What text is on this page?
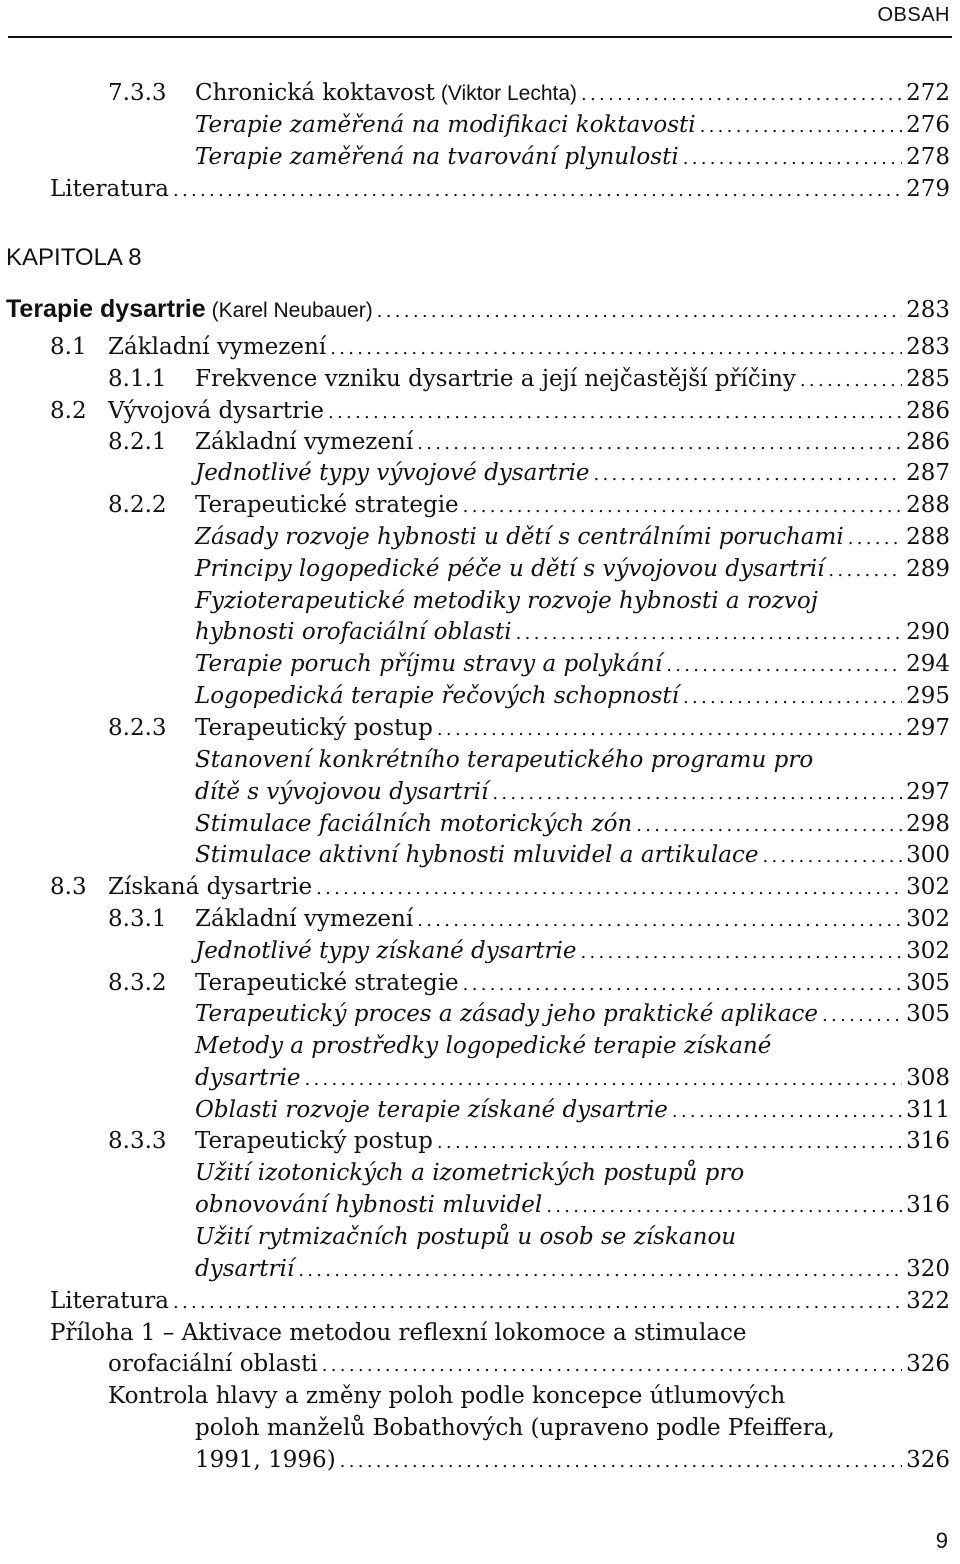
OBSAH
7.3.3 Chronická koktavost (Viktor Lechta) .....	272
Terapie zaměřená na modifikaci koktavosti .....	276
Terapie zaměřená na tvarování plynulosti .....	278
Literatura .....	279
KAPITOLA 8
Terapie dysartrie (Karel Neubauer) .....	283
8.1 Základní vymezení .....	283
8.1.1 Frekvence vzniku dysartrie a její nejčastější příčiny .....	285
8.2 Vývojová dysartrie .....	286
8.2.1 Základní vymezení .....	286
Jednotlivé typy vývojové dysartrie .....	287
8.2.2 Terapeutické strategie .....	288
Zásady rozvoje hybnosti u dětí s centrálními poruchami .....	288
Principy logopedické péče u dětí s vývojovou dysartrií .....	289
Fyzioterapeutické metodiky rozvoje hybnosti a rozvoj
hybnosti orofaciální oblasti .....	290
Terapie poruch příjmu stravy a polykání .....	294
Logopedická terapie řečových schopností .....	295
8.2.3 Terapeutický postup .....	297
Stanovení konkrétního terapeutického programu pro
dítě s vývojovou dysartrií .....	297
Stimulace faciálních motorických zón .....	298
Stimulace aktivní hybnosti mluvidel a artikulace .....	300
8.3 Získaná dysartrie .....	302
8.3.1 Základní vymezení .....	302
Jednotlivé typy získané dysartrie .....	302
8.3.2 Terapeutické strategie .....	305
Terapeutický proces a zásady jeho praktické aplikace .....	305
Metody a prostředky logopedické terapie získané
dysartrie .....	308
Oblasti rozvoje terapie získané dysartrie .....	311
8.3.3 Terapeutický postup .....	316
Užití izotonických a izometrických postupů pro
obnovování hybnosti mluvidel .....	316
Užití rytmizačních postupů u osob se získanou
dysartrií .....	320
Literatura .....	322
Příloha 1 – Aktivace metodou reflexní lokomoce a stimulace
orofaciální oblasti .....	326
Kontrola hlavy a změny poloh podle koncepce útlumových
poloh manželů Bobathových (upraveno podle Pfeiffera,
1991, 1996) .....	326
9
